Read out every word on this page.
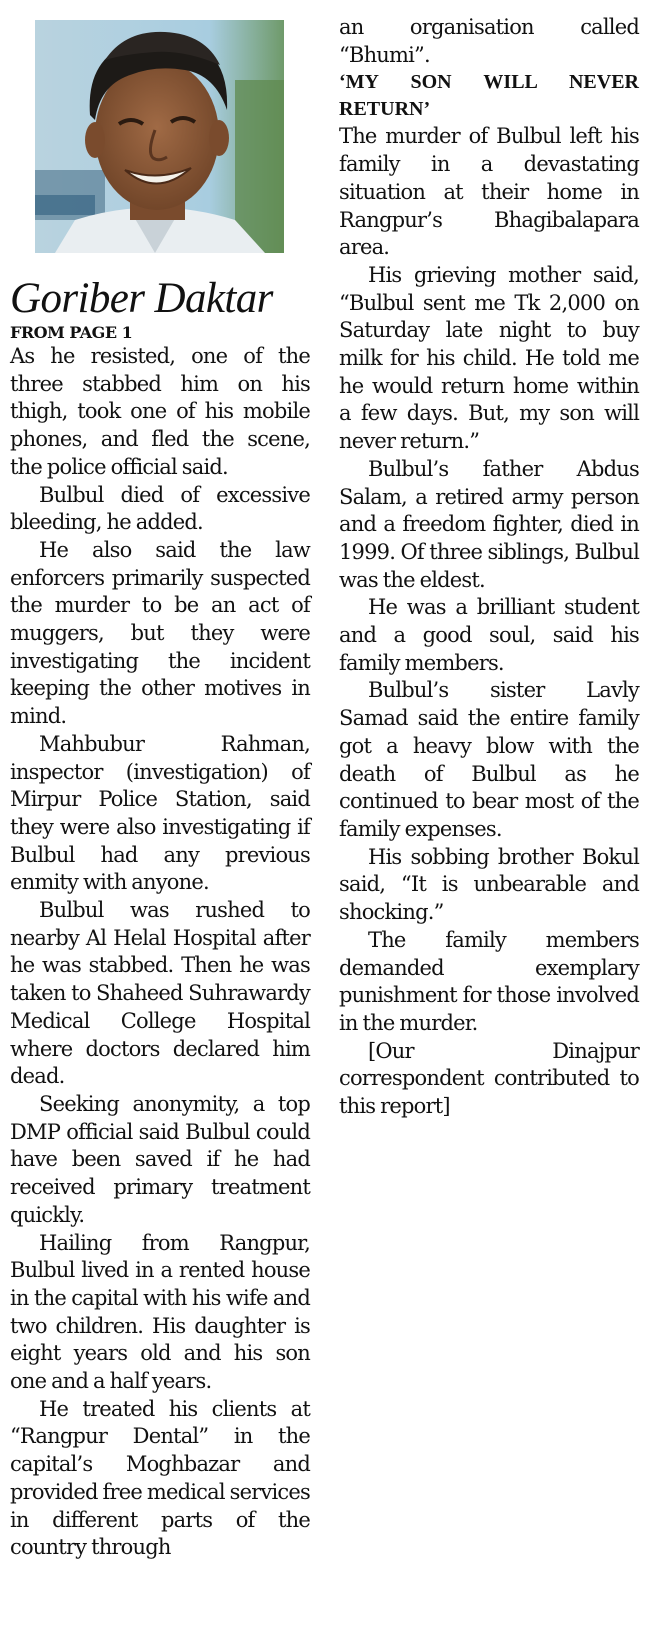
Goriber Daktar

FROM PAGE 1

As he resisted, one of the three stabbed him on his thigh, took one of his mobile phones, and fled the scene, the police official said.

Bulbul died of excessive bleeding, he added.

He also said the law enforcers primarily suspected the murder to be an act of muggers, but they were investigating the incident keeping the other motives in mind.

Mahbubur Rahman, inspector (investigation) of Mirpur Police Station, said they were also investigating if Bulbul had any previous enmity with anyone.

Bulbul was rushed to nearby Al Helal Hospital after he was stabbed. Then he was taken to Shaheed Suhrawardy Medical College Hospital where doctors declared him dead.

Seeking anonymity, a top DMP official said Bulbul could have been saved if he had received primary treatment quickly.

Hailing from Rangpur, Bulbul lived in a rented house in the capital with his wife and two children. His daughter is eight years old and his son one and a half years.

He treated his clients at “Rangpur Dental” in the capital’s Moghbazar and provided free medical services in different parts of the country through

an organisation called “Bhumi”.

‘MY SON WILL NEVER RETURN’

The murder of Bulbul left his family in a devastating situation at their home in Rangpur’s Bhagibalapara area.

His grieving mother said, “Bulbul sent me Tk 2,000 on Saturday late night to buy milk for his child. He told me he would return home within a few days. But, my son will never return.”

Bulbul’s father Abdus Salam, a retired army person and a freedom fighter, died in 1999. Of three siblings, Bulbul was the eldest.

He was a brilliant student and a good soul, said his family members.

Bulbul’s sister Lavly Samad said the entire family got a heavy blow with the death of Bulbul as he continued to bear most of the family expenses.

His sobbing brother Bokul said, “It is unbearable and shocking.”

The family members demanded exemplary punishment for those involved in the murder.

[Our Dinajpur correspondent contributed to this report]
